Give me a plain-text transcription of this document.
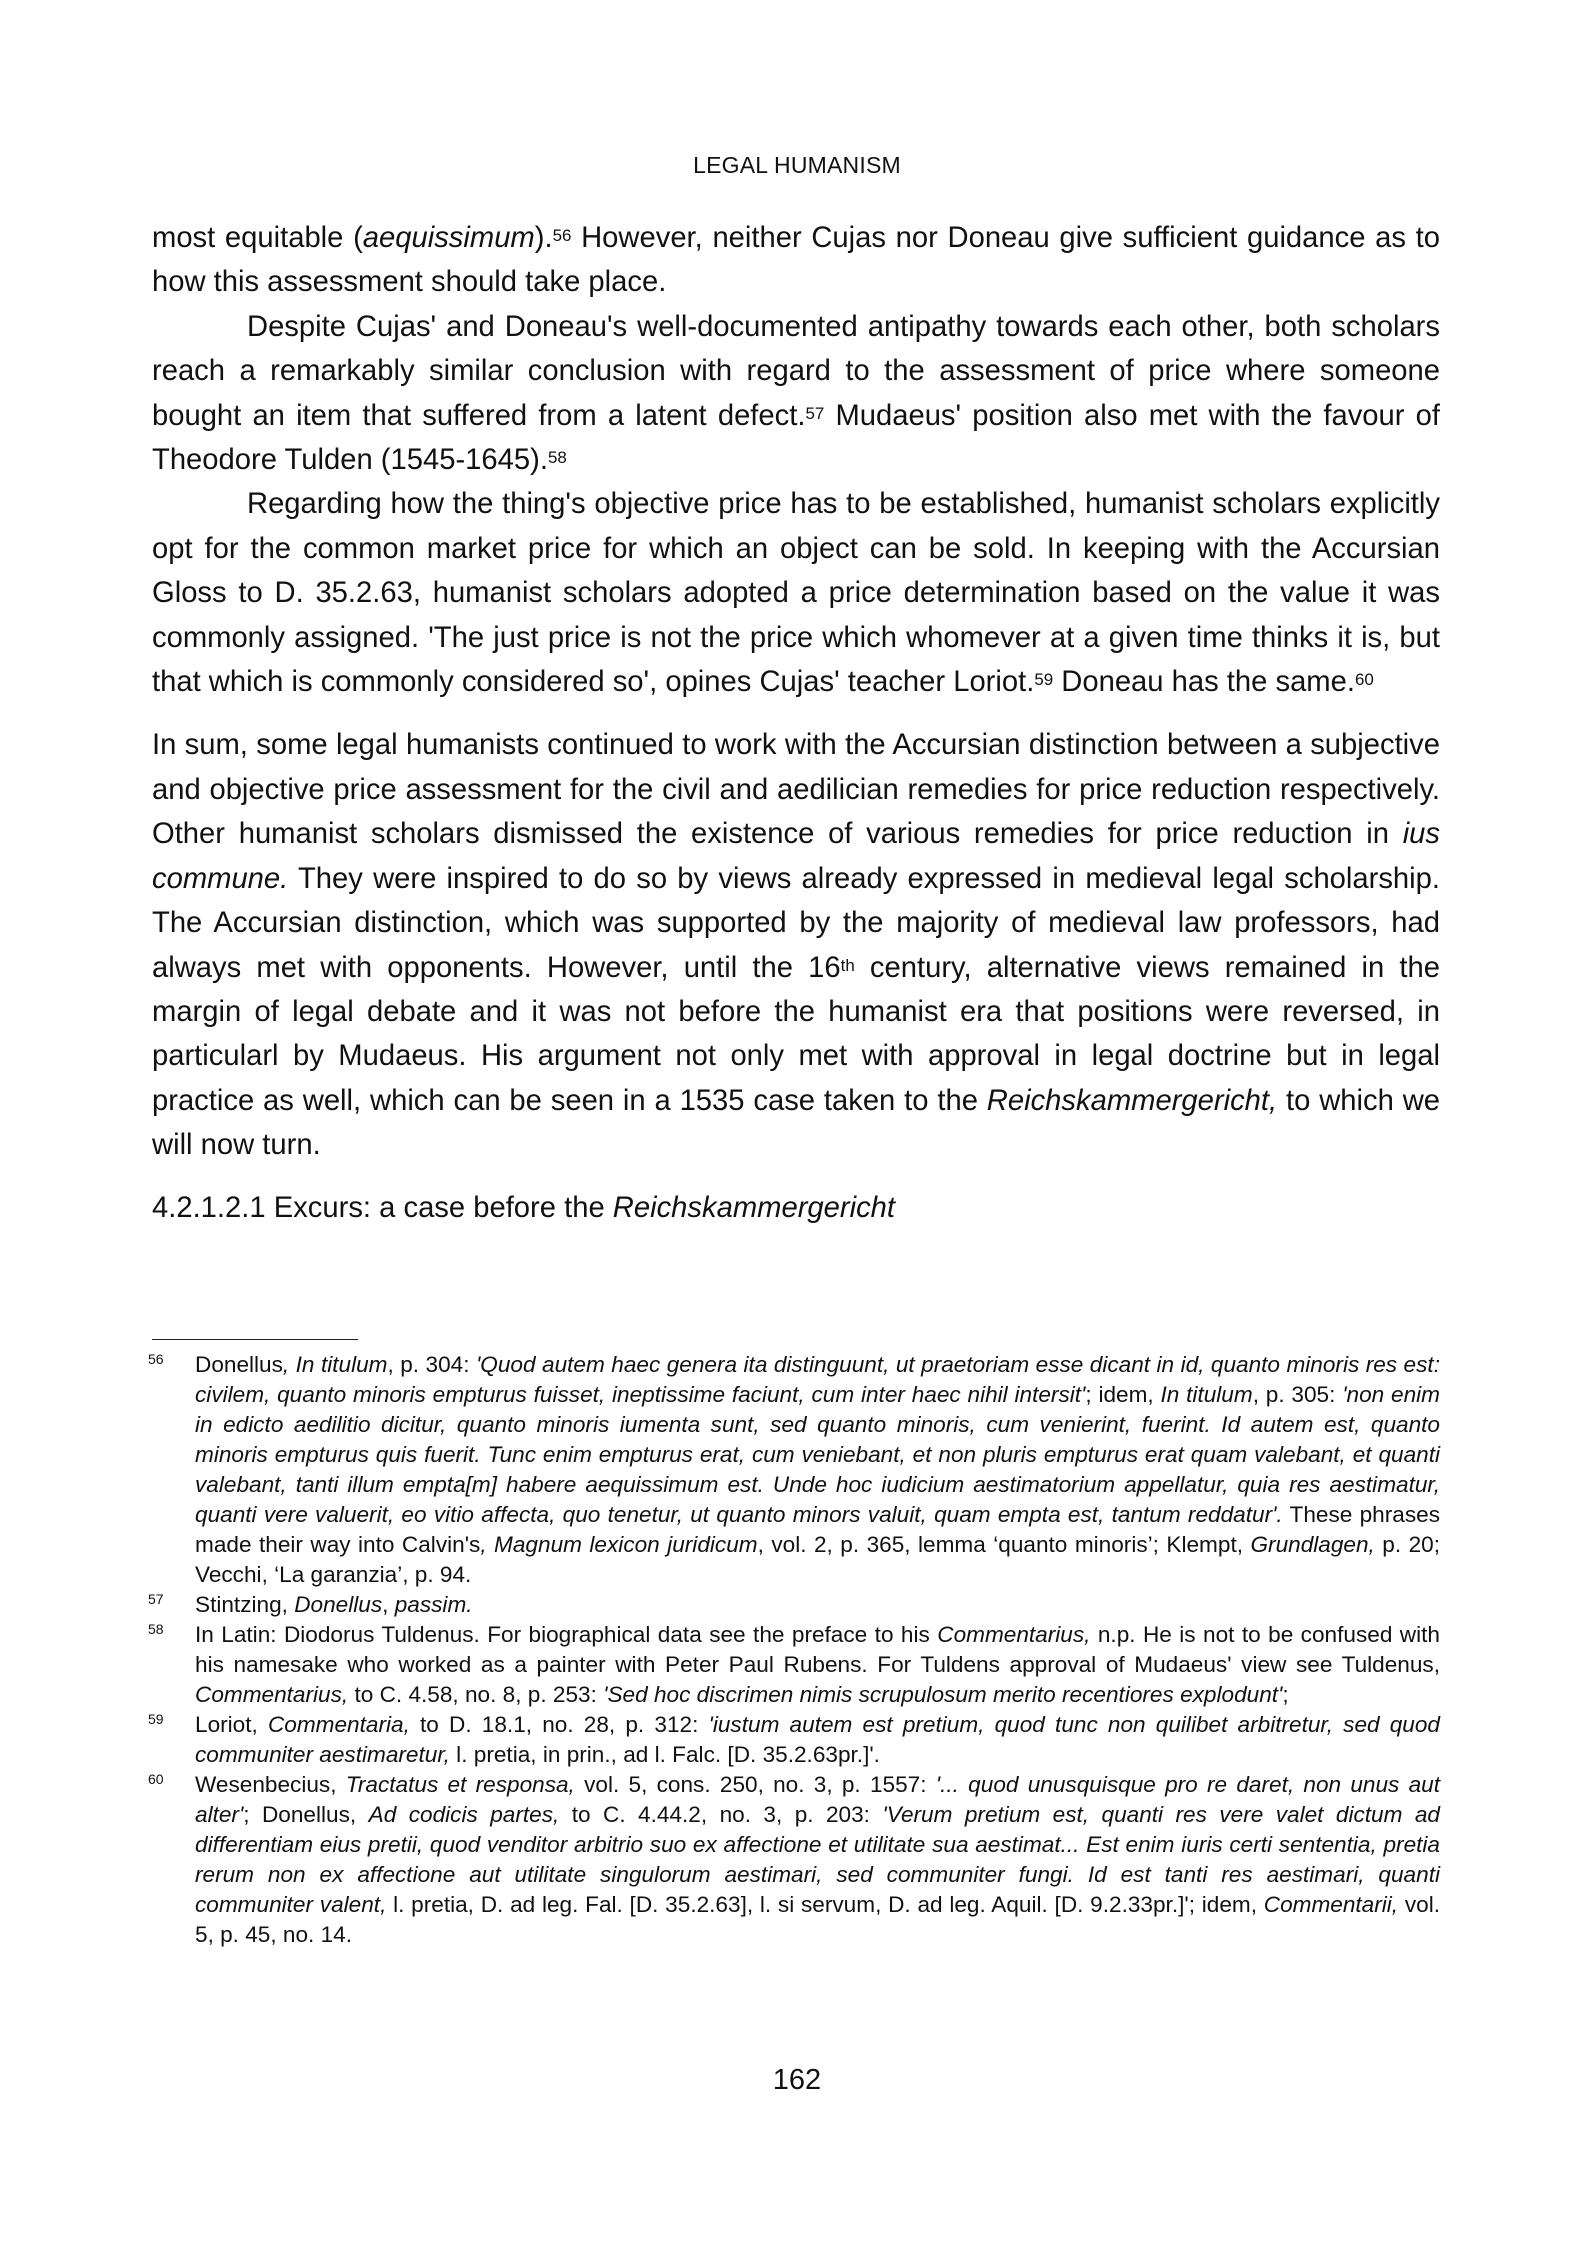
LEGAL HUMANISM

most equitable (aequissimum).$^{56}$ However, neither Cujas nor Doneau give sufficient guidance as to how this assessment should take place.

Despite Cujas' and Doneau's well-documented antipathy towards each other, both scholars reach a remarkably similar conclusion with regard to the assessment of price where someone bought an item that suffered from a latent defect.$^{57}$ Mudaeus' position also met with the favour of Theodore Tulden (1545-1645).$^{58}$

Regarding how the thing's objective price has to be established, humanist scholars explicitly opt for the common market price for which an object can be sold. In keeping with the Accursian Gloss to D. 35.2.63, humanist scholars adopted a price determination based on the value it was commonly assigned. 'The just price is not the price which whomever at a given time thinks it is, but that which is commonly considered so', opines Cujas' teacher Loriot.$^{59}$ Doneau has the same.$^{60}$

In sum, some legal humanists continued to work with the Accursian distinction between a subjective and objective price assessment for the civil and aedilician remedies for price reduction respectively. Other humanist scholars dismissed the existence of various remedies for price reduction in ius commune. They were inspired to do so by views already expressed in medieval legal scholarship. The Accursian distinction, which was supported by the majority of medieval law professors, had always met with opponents. However, until the 16th century, alternative views remained in the margin of legal debate and it was not before the humanist era that positions were reversed, in particularl by Mudaeus. His argument not only met with approval in legal doctrine but in legal practice as well, which can be seen in a 1535 case taken to the Reichskammergericht, to which we will now turn.

4.2.1.2.1 Excurs: a case before the Reichskammergericht

56 Donellus, In titulum, p. 304: 'Quod autem haec genera ita distinguunt, ut praetoriam esse dicant in id, quanto minoris res est: civilem, quanto minoris empturus fuisset, ineptissime faciunt, cum inter haec nihil intersit'; idem, In titulum, p. 305: 'non enim in edicto aedilitio dicitur, quanto minoris iumenta sunt, sed quanto minoris, cum venierint, fuerint. Id autem est, quanto minoris empturus quis fuerit. Tunc enim empturus erat, cum veniebant, et non pluris empturus erat quam valebant, et quanti valebant, tanti illum empta[m] habere aequissimum est. Unde hoc iudicium aestimatorium appellatur, quia res aestimatur, quanti vere valuerit, eo vitio affecta, quo tenetur, ut quanto minors valuit, quam empta est, tantum reddatur'. These phrases made their way into Calvin's, Magnum lexicon juridicum, vol. 2, p. 365, lemma ‘quanto minoris’; Klempt, Grundlagen, p. 20; Vecchi, ‘La garanzia’, p. 94.

57 Stintzing, Donellus, passim.

58 In Latin: Diodorus Tuldenus. For biographical data see the preface to his Commentarius, n.p. He is not to be confused with his namesake who worked as a painter with Peter Paul Rubens. For Tuldens approval of Mudaeus' view see Tuldenus, Commentarius, to C. 4.58, no. 8, p. 253: 'Sed hoc discrimen nimis scrupulosum merito recentiores explodunt';

59 Loriot, Commentaria, to D. 18.1, no. 28, p. 312: 'iustum autem est pretium, quod tunc non quilibet arbitretur, sed quod communiter aestimaretur, l. pretia, in prin., ad l. Falc. [D. 35.2.63pr.]'.

60 Wesenbecius, Tractatus et responsa, vol. 5, cons. 250, no. 3, p. 1557: '... quod unusquisque pro re daret, non unus aut alter'; Donellus, Ad codicis partes, to C. 4.44.2, no. 3, p. 203: 'Verum pretium est, quanti res vere valet dictum ad differentiam eius pretii, quod venditor arbitrio suo ex affectione et utilitate sua aestimat... Est enim iuris certi sententia, pretia rerum non ex affectione aut utilitate singulorum aestimari, sed communiter fungi. Id est tanti res aestimari, quanti communiter valent, l. pretia, D. ad leg. Fal. [D. 35.2.63], l. si servum, D. ad leg. Aquil. [D. 9.2.33pr.]'; idem, Commentarii, vol. 5, p. 45, no. 14.

162
